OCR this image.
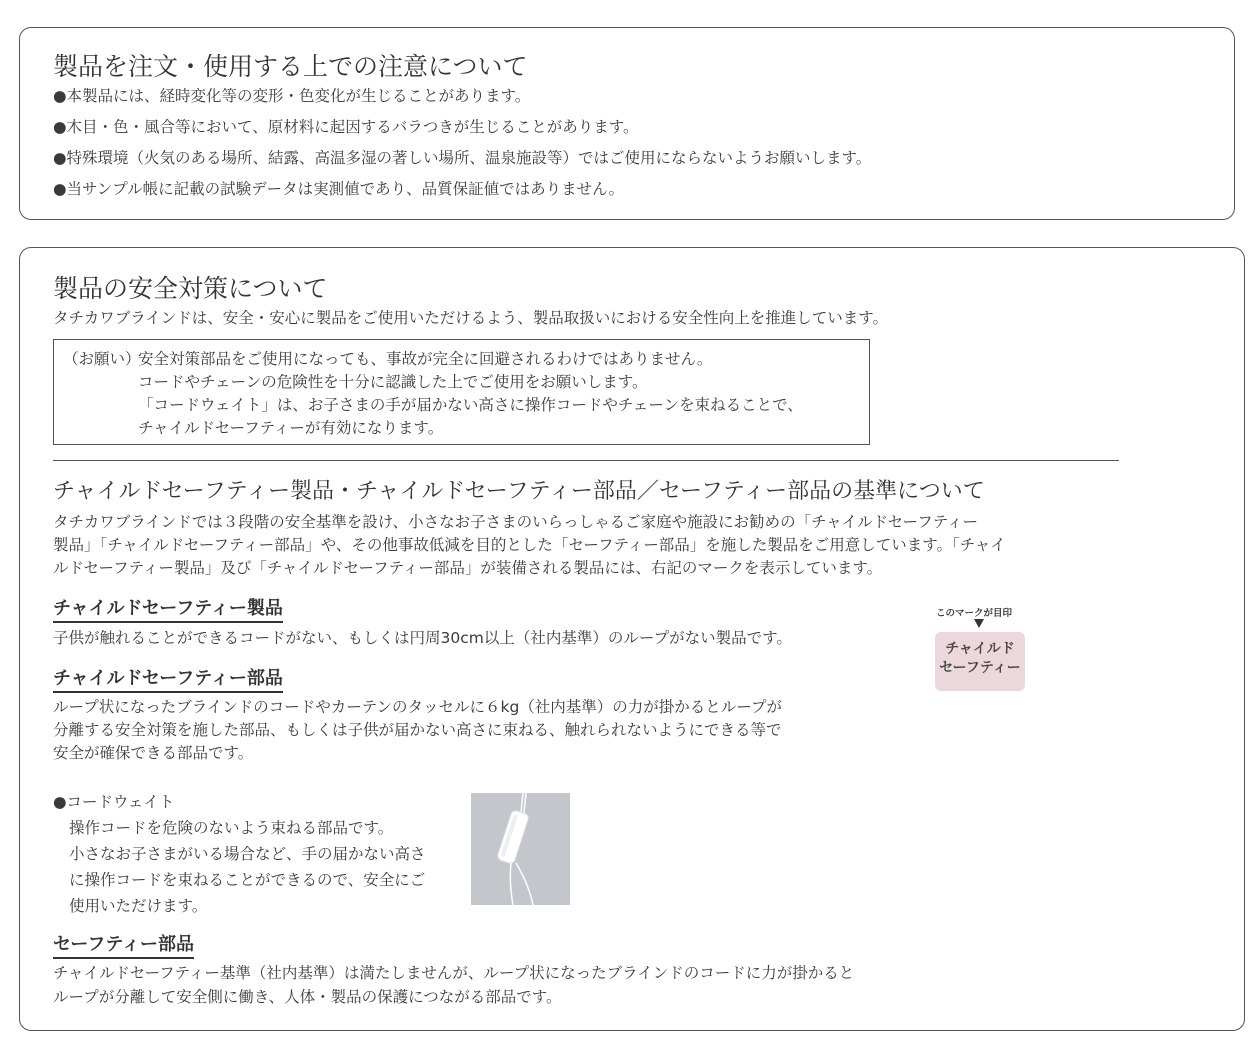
製品を注文・使用する上での注意について
●本製品には、経時変化等の変形・色変化が生じることがあります。
●木目・色・風合等において、原材料に起因するバラつきが生じることがあります。
●特殊環境（火気のある場所、結露、高温多湿の著しい場所、温泉施設等）ではご使用にならないようお願いします。
●当サンプル帳に記載の試験データは実測値であり、品質保証値ではありません。
製品の安全対策について
タチカワブラインドは、安全・安心に製品をご使用いただけるよう、製品取扱いにおける安全性向上を推進しています。
（お願い）
安全対策部品をご使用になっても、事故が完全に回避されるわけではありません。
コードやチェーンの危険性を十分に認識した上でご使用をお願いします。
「コードウェイト」は、お子さまの手が届かない高さに操作コードやチェーンを束ねることで、
チャイルドセーフティーが有効になります。
チャイルドセーフティー製品・チャイルドセーフティー部品／セーフティー部品の基準について
タチカワブラインドでは３段階の安全基準を設け、小さなお子さまのいらっしゃるご家庭や施設にお勧めの「チャイルドセーフティー
製品」「チャイルドセーフティー部品」や、その他事故低減を目的とした「セーフティー部品」を施した製品をご用意しています。「チャイ
ルドセーフティー製品」及び「チャイルドセーフティー部品」が装備される製品には、右記のマークを表示しています。
チャイルドセーフティー製品
子供が触れることができるコードがない、もしくは円周30cm以上（社内基準）のループがない製品です。
このマークが目印
チャイルド
セーフティー
チャイルドセーフティー部品
ループ状になったブラインドのコードやカーテンのタッセルに６kg（社内基準）の力が掛かるとループが
分離する安全対策を施した部品、もしくは子供が届かない高さに束ねる、触れられないようにできる等で
安全が確保できる部品です。
●コードウェイト
操作コードを危険のないよう束ねる部品です。
小さなお子さまがいる場合など、手の届かない高さ
に操作コードを束ねることができるので、安全にご
使用いただけます。
セーフティー部品
チャイルドセーフティー基準（社内基準）は満たしませんが、ループ状になったブラインドのコードに力が掛かると
ループが分離して安全側に働き、人体・製品の保護につながる部品です。
